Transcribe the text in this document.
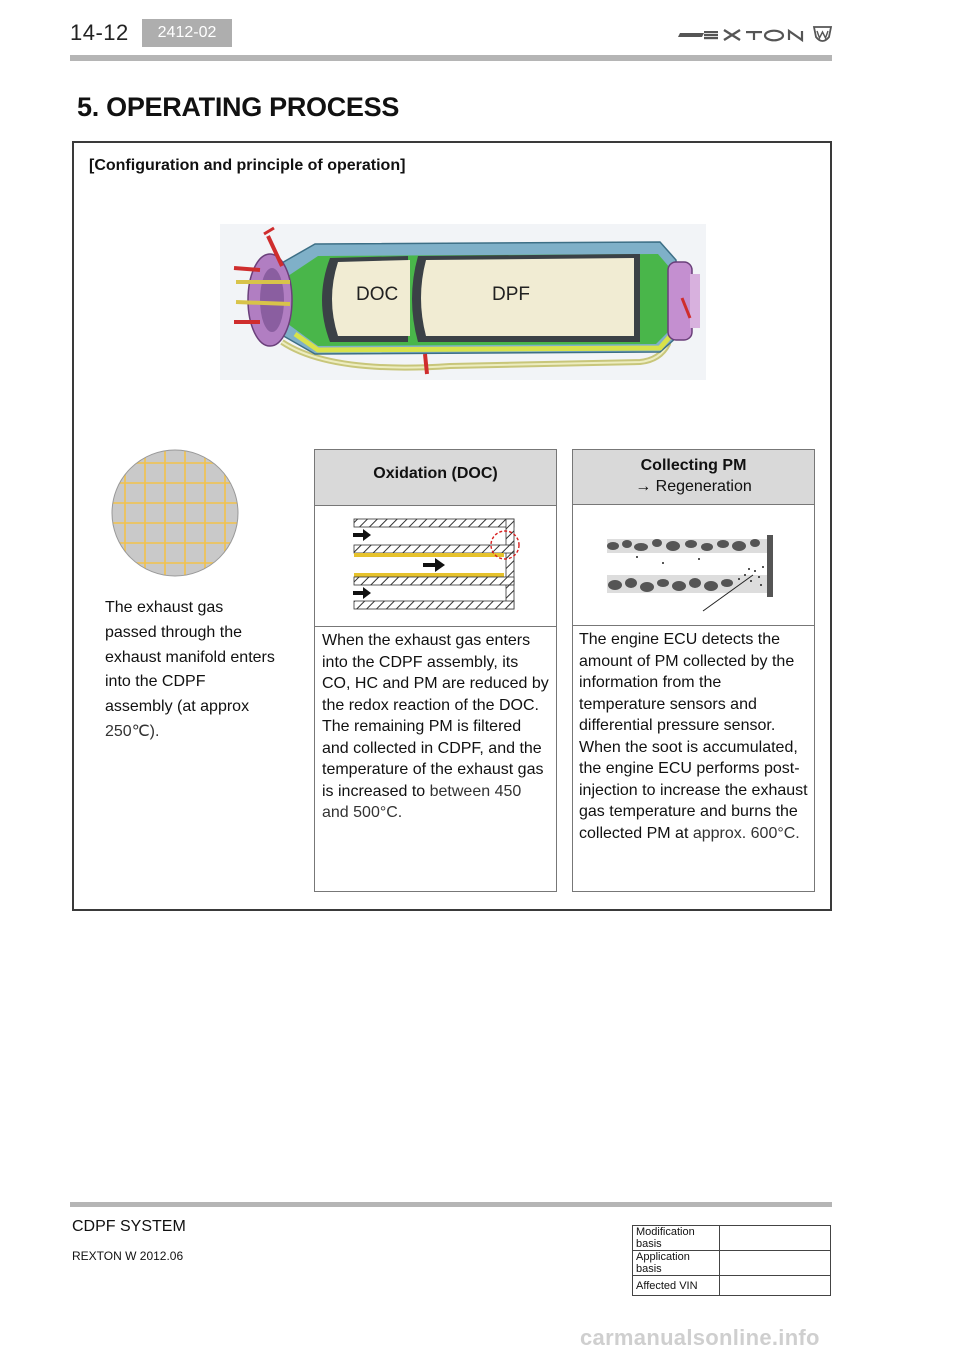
14-12	2412-02
5. OPERATING PROCESS
[Configuration and principle of operation]
DOC	DPF
The exhaust gas passed through the exhaust manifold enters into the CDPF assembly (at approx 250℃).
Oxidation (DOC)
When the exhaust gas enters into the CDPF assembly, its CO, HC and PM are reduced by the redox reaction of the DOC. The remaining PM is filtered and collected in CDPF, and the temperature of the exhaust gas is increased to between 450 and 500°C.
Collecting PM
→ Regeneration
The engine ECU detects the amount of PM collected by the information from the temperature sensors and differential pressure sensor. When the soot is accumulated, the engine ECU performs post-injection to increase the exhaust gas temperature and burns the collected PM at approx. 600°C.
CDPF SYSTEM
REXTON W 2012.06
Modification basis	
Application basis	
Affected VIN	
carmanualsonline.info
